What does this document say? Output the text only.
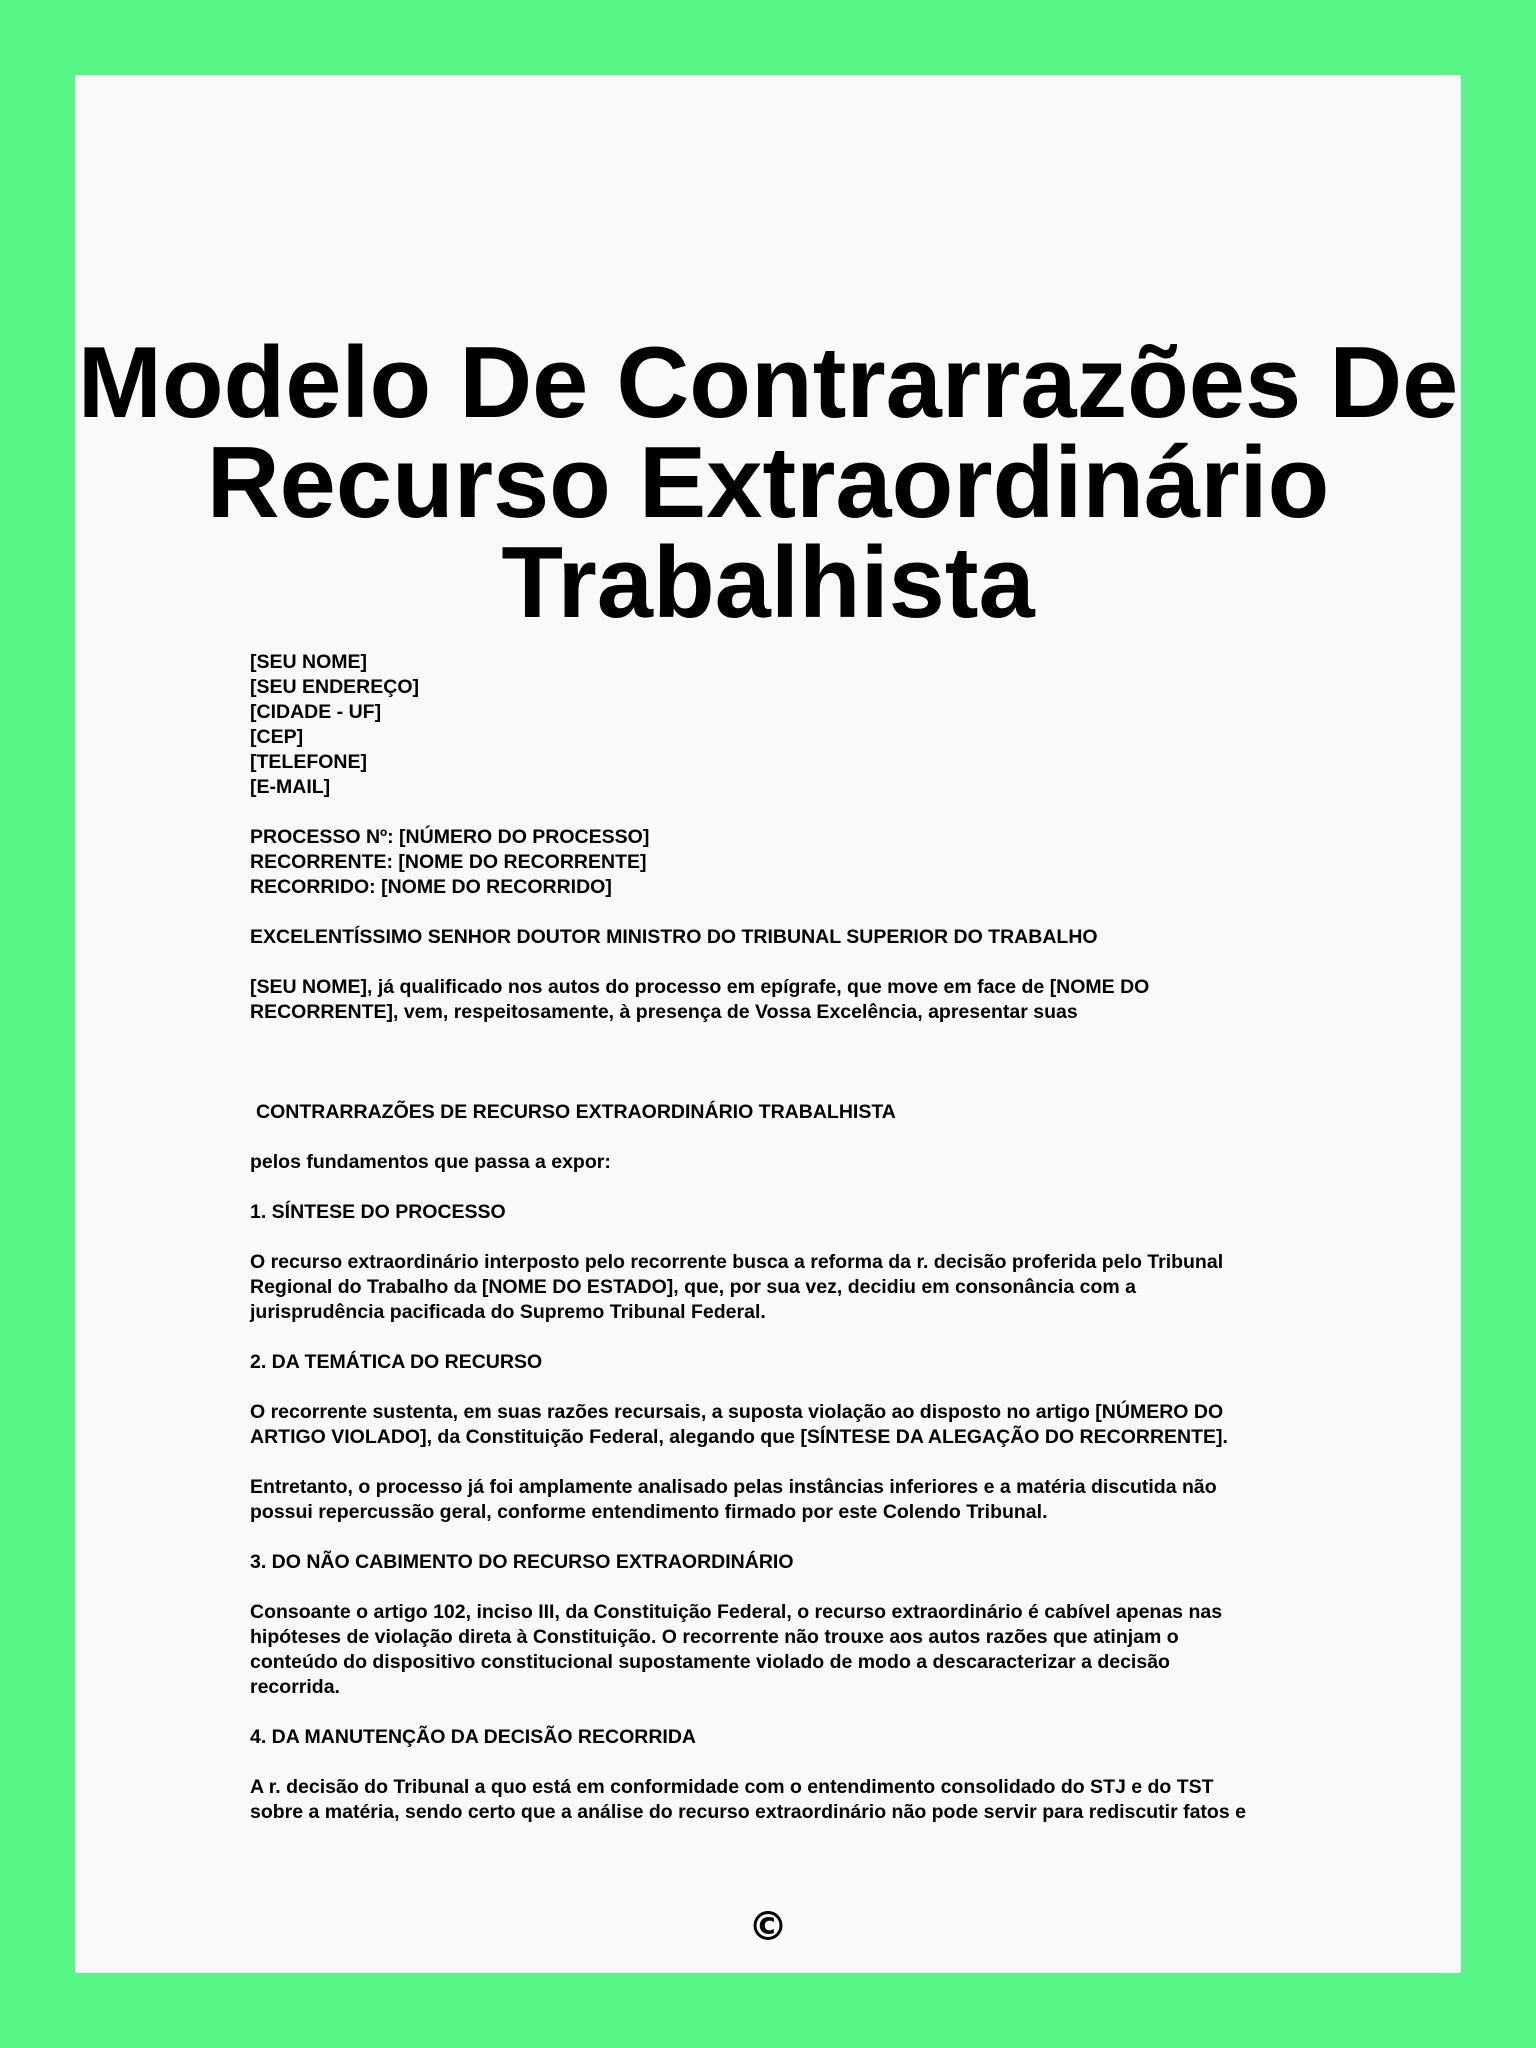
Modelo De Contrarrazões De
Recurso Extraordinário
Trabalhista
[SEU NOME]
[SEU ENDEREÇO]
[CIDADE - UF]
[CEP]
[TELEFONE]
[E-MAIL]
PROCESSO Nº: [NÚMERO DO PROCESSO]
RECORRENTE: [NOME DO RECORRENTE]
RECORRIDO: [NOME DO RECORRIDO]
EXCELENTÍSSIMO SENHOR DOUTOR MINISTRO DO TRIBUNAL SUPERIOR DO TRABALHO
[SEU NOME], já qualificado nos autos do processo em epígrafe, que move em face de [NOME DO
RECORRENTE], vem, respeitosamente, à presença de Vossa Excelência, apresentar suas
CONTRARRAZÕES DE RECURSO EXTRAORDINÁRIO TRABALHISTA
pelos fundamentos que passa a expor:
1. SÍNTESE DO PROCESSO
O recurso extraordinário interposto pelo recorrente busca a reforma da r. decisão proferida pelo Tribunal
Regional do Trabalho da [NOME DO ESTADO], que, por sua vez, decidiu em consonância com a
jurisprudência pacificada do Supremo Tribunal Federal.
2. DA TEMÁTICA DO RECURSO
O recorrente sustenta, em suas razões recursais, a suposta violação ao disposto no artigo [NÚMERO DO
ARTIGO VIOLADO], da Constituição Federal, alegando que [SÍNTESE DA ALEGAÇÃO DO RECORRENTE].
Entretanto, o processo já foi amplamente analisado pelas instâncias inferiores e a matéria discutida não
possui repercussão geral, conforme entendimento firmado por este Colendo Tribunal.
3. DO NÃO CABIMENTO DO RECURSO EXTRAORDINÁRIO
Consoante o artigo 102, inciso III, da Constituição Federal, o recurso extraordinário é cabível apenas nas
hipóteses de violação direta à Constituição. O recorrente não trouxe aos autos razões que atinjam o
conteúdo do dispositivo constitucional supostamente violado de modo a descaracterizar a decisão
recorrida.
4. DA MANUTENÇÃO DA DECISÃO RECORRIDA
A r. decisão do Tribunal a quo está em conformidade com o entendimento consolidado do STJ e do TST
sobre a matéria, sendo certo que a análise do recurso extraordinário não pode servir para rediscutir fatos e
©
